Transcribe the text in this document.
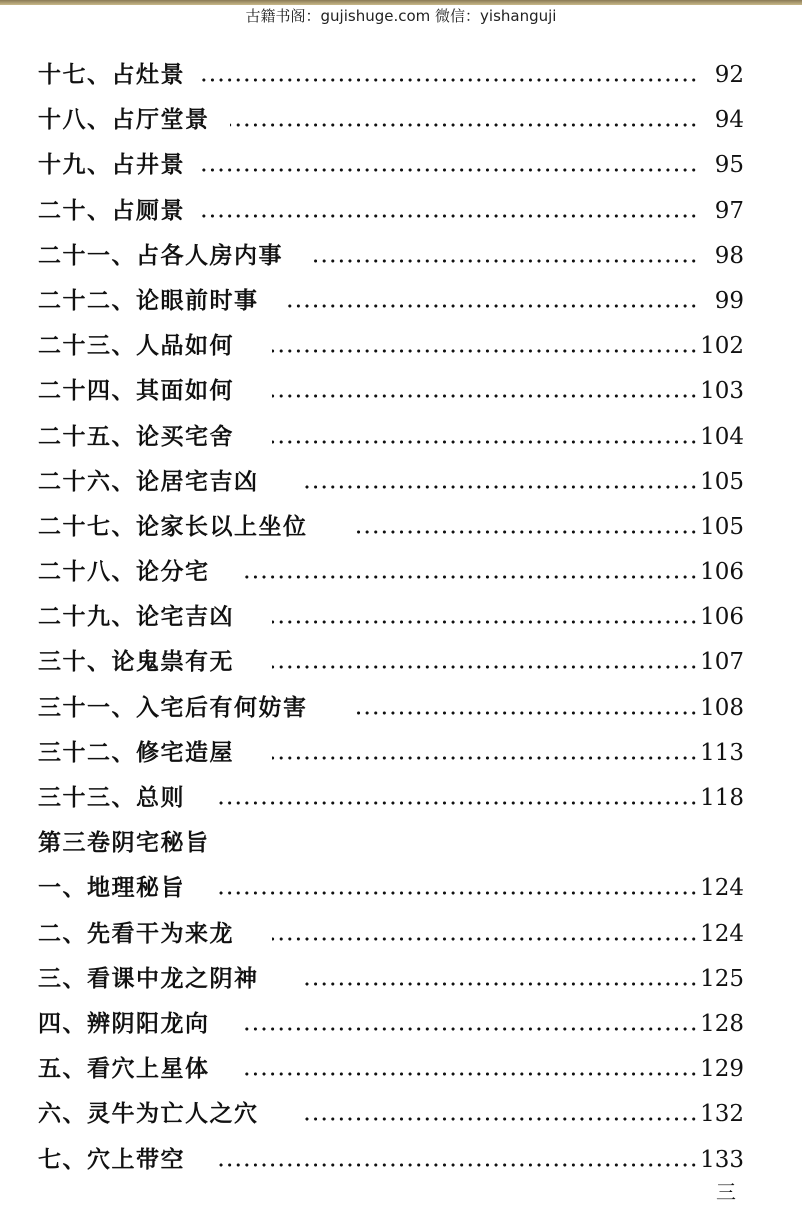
古籍书阁：gujishuge.com 微信：yishanguji
十七、占灶景	92
十八、占厅堂景	94
十九、占井景	95
二十、占厕景	97
二十一、占各人房内事	98
二十二、论眼前时事	99
二十三、人品如何	102
二十四、其面如何	103
二十五、论买宅舍	104
二十六、论居宅吉凶	105
二十七、论家长以上坐位	105
二十八、论分宅	106
二十九、论宅吉凶	106
三十、论鬼祟有无	107
三十一、入宅后有何妨害	108
三十二、修宅造屋	113
三十三、总则	118
第三卷阴宅秘旨
一、地理秘旨	124
二、先看干为来龙	124
三、看课中龙之阴神	125
四、辨阴阳龙向	128
五、看穴上星体	129
六、灵牛为亡人之穴	132
七、穴上带空	133
三
